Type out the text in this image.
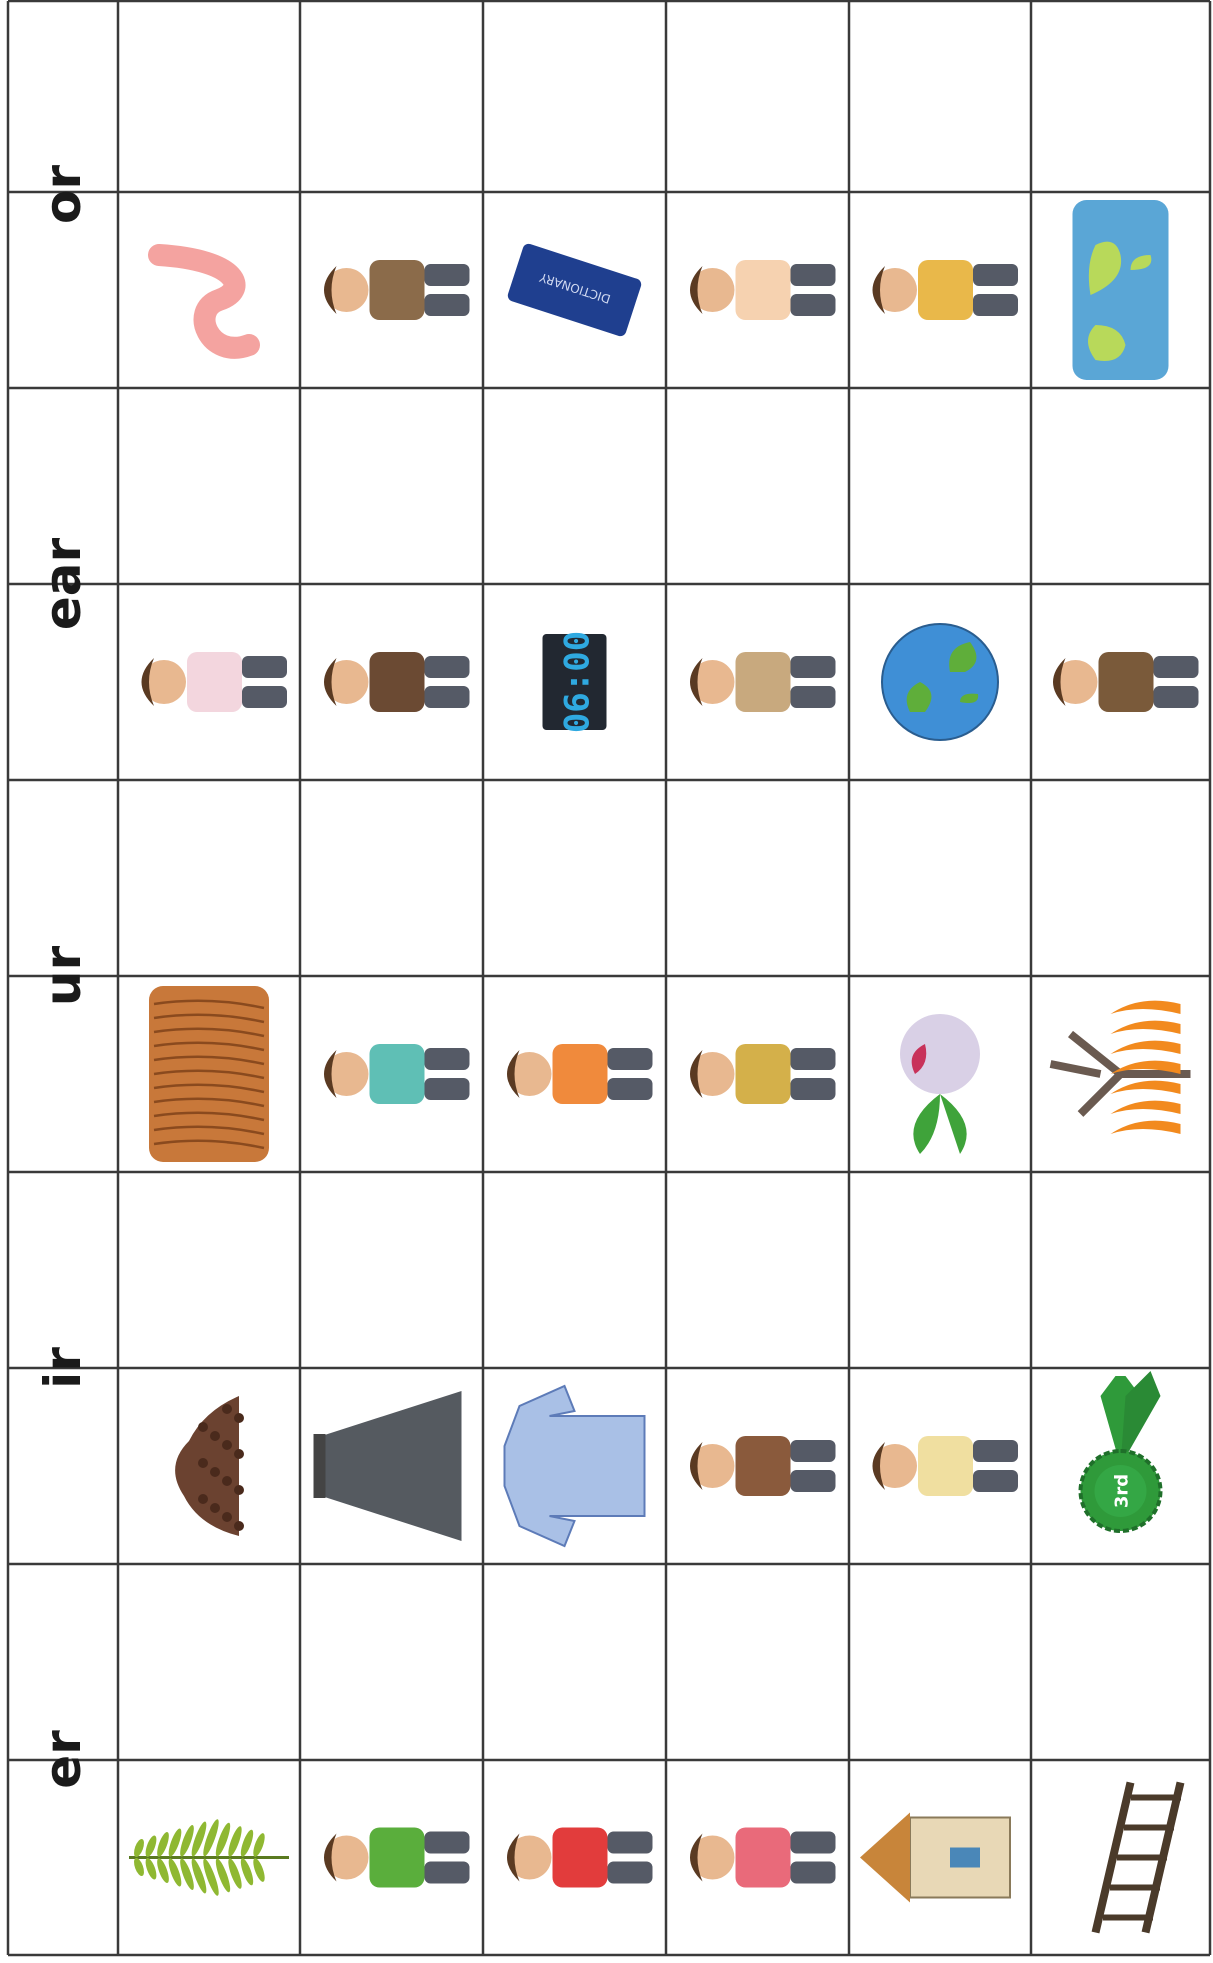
or
ear
ur
ir
er
DICTIONARY
06:00
3rd
